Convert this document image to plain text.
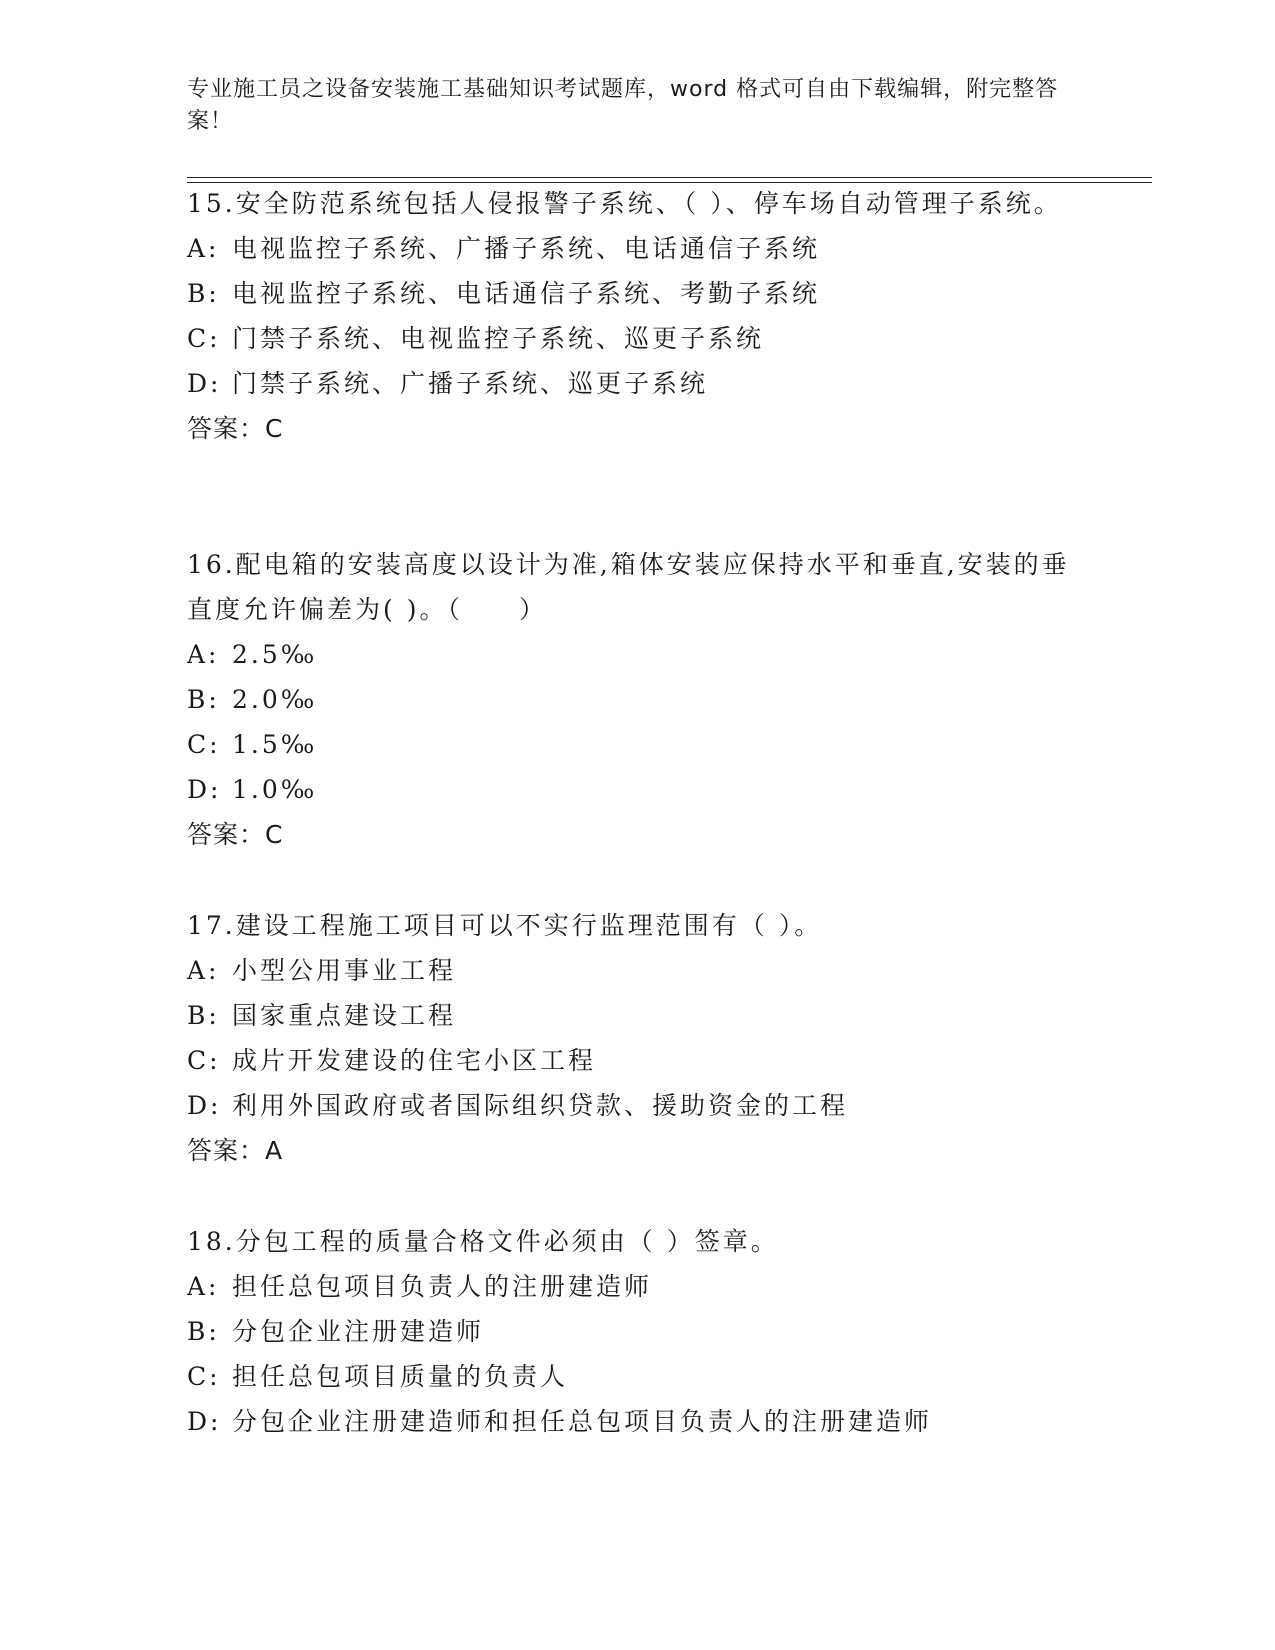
专业施工员之设备安装施工基础知识考试题库，word 格式可自由下载编辑，附完整答案！

15.安全防范系统包括人侵报警子系统、（ ）、停车场自动管理子系统。

A: 电视监控子系统、广播子系统、电话通信子系统

B: 电视监控子系统、电话通信子系统、考勤子系统

C: 门禁子系统、电视监控子系统、巡更子系统

D: 门禁子系统、广播子系统、巡更子系统

答案：C

16.配电箱的安装高度以设计为准,箱体安装应保持水平和垂直,安装的垂直度允许偏差为( )。（　　）

A: 2.5‰

B: 2.0‰

C: 1.5‰

D: 1.0‰

答案：C

17.建设工程施工项目可以不实行监理范围有（ ）。

A: 小型公用事业工程

B: 国家重点建设工程

C: 成片开发建设的住宅小区工程

D: 利用外国政府或者国际组织贷款、援助资金的工程

答案：A

18.分包工程的质量合格文件必须由（ ）签章。

A: 担任总包项目负责人的注册建造师

B: 分包企业注册建造师

C: 担任总包项目质量的负责人

D: 分包企业注册建造师和担任总包项目负责人的注册建造师
